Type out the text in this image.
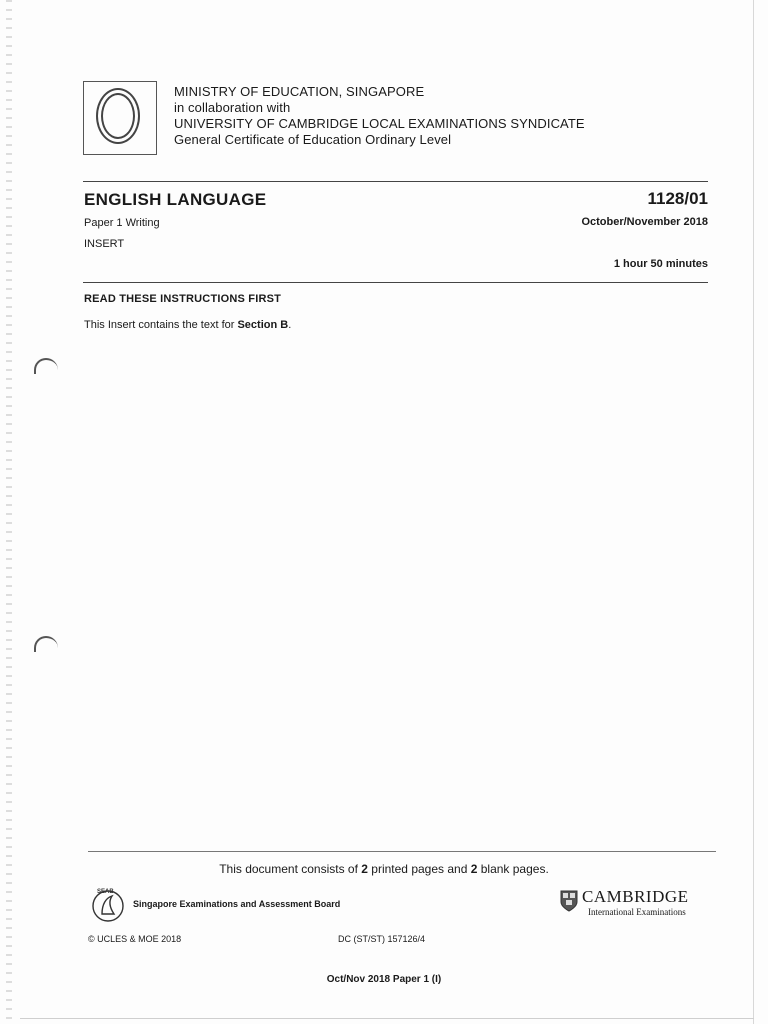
MINISTRY OF EDUCATION, SINGAPORE
in collaboration with
UNIVERSITY OF CAMBRIDGE LOCAL EXAMINATIONS SYNDICATE
General Certificate of Education Ordinary Level
ENGLISH LANGUAGE	1128/01
Paper 1 Writing	October/November 2018
INSERT
1 hour 50 minutes
READ THESE INSTRUCTIONS FIRST
This Insert contains the text for Section B.
This document consists of 2 printed pages and 2 blank pages.
SEAB
Singapore Examinations and Assessment Board	CAMBRIDGE
International Examinations
© UCLES & MOE 2018	DC (ST/ST) 157126/4
Oct/Nov 2018 Paper 1 (I)
